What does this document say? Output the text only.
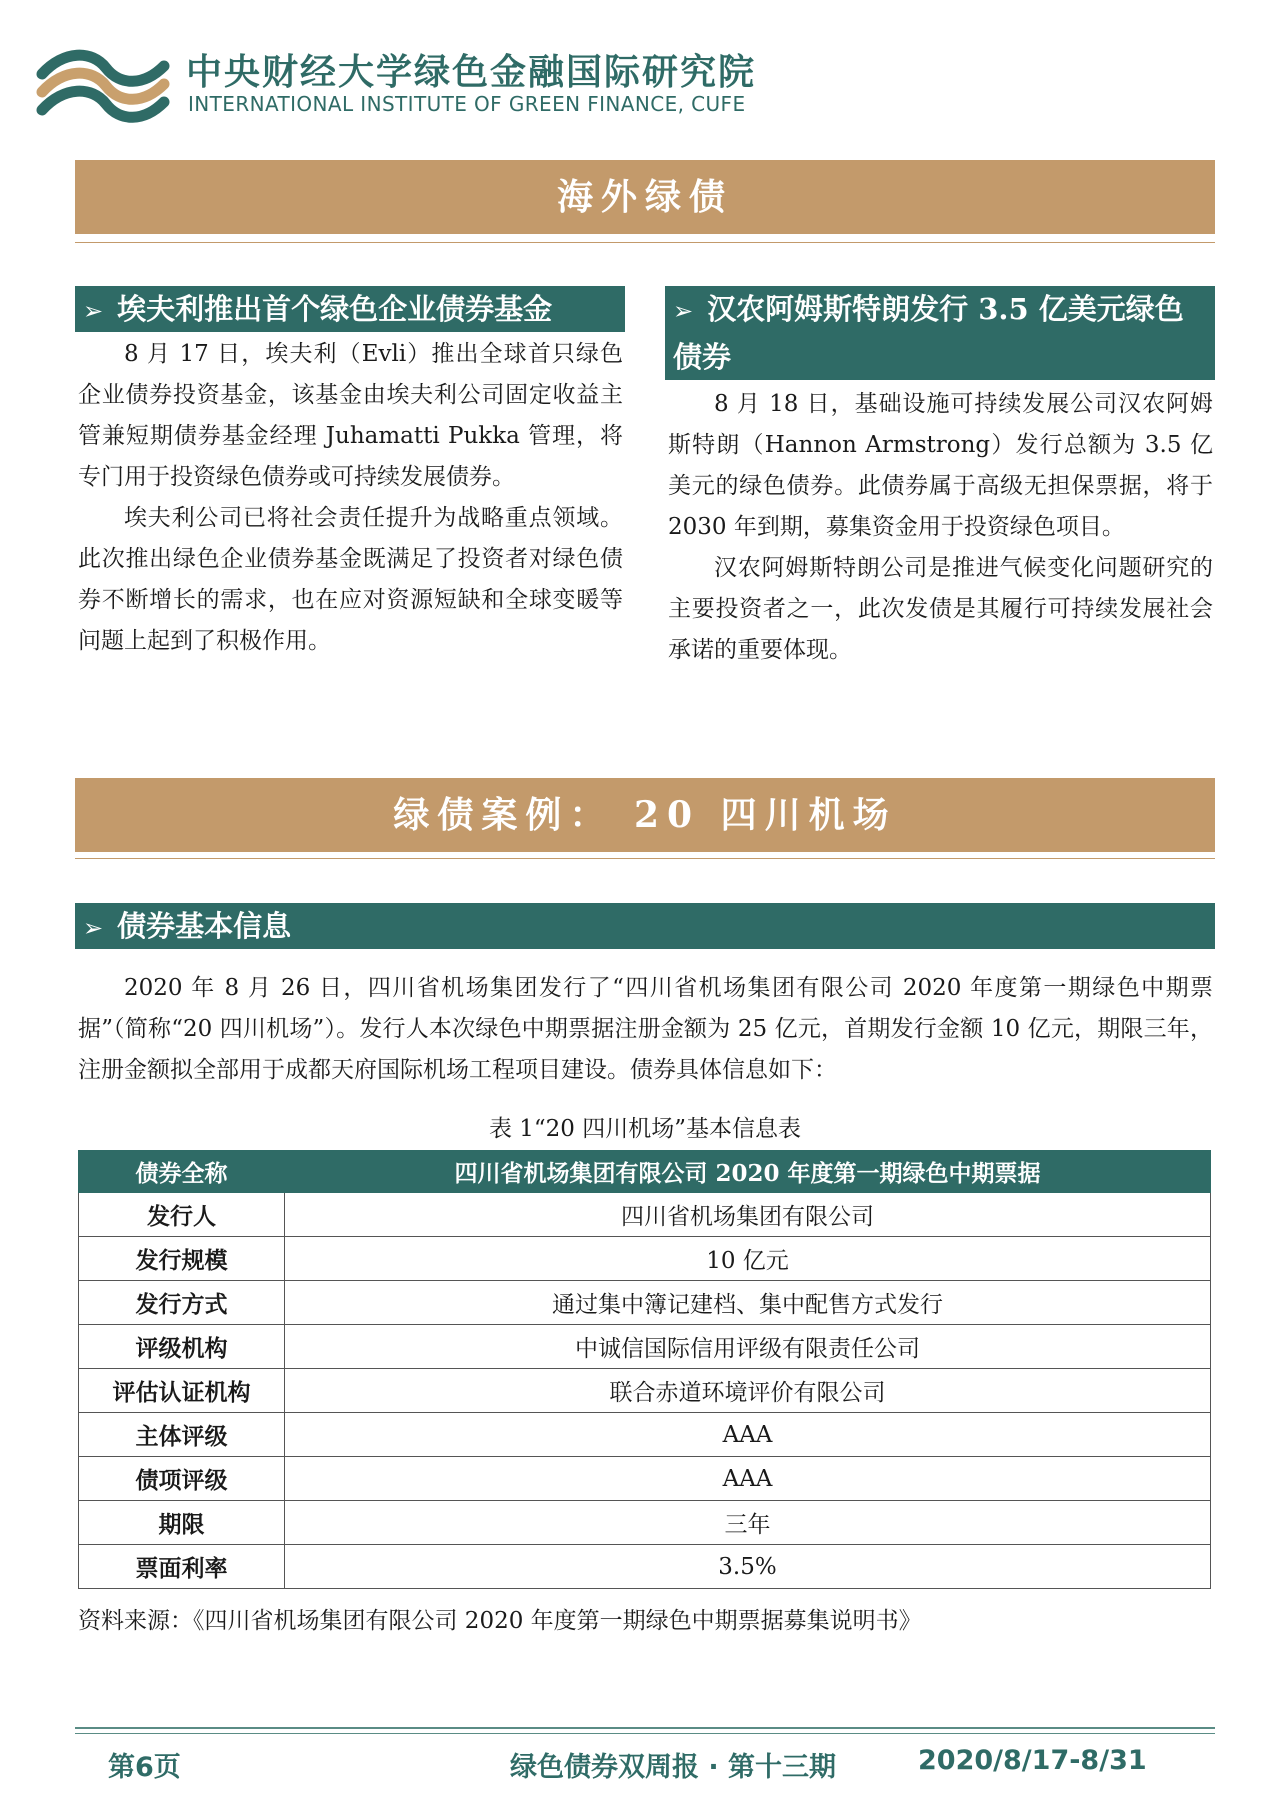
中央财经大学绿色金融国际研究院
INTERNATIONAL INSTITUTE OF GREEN FINANCE, CUFE
海外绿债
➢ 埃夫利推出首个绿色企业债券基金

8 月 17 日，埃夫利（Evli）推出全球首只绿色企业债券投资基金，该基金由埃夫利公司固定收益主管兼短期债券基金经理 Juhamatti Pukka 管理，将专门用于投资绿色债券或可持续发展债券。

埃夫利公司已将社会责任提升为战略重点领域。此次推出绿色企业债券基金既满足了投资者对绿色债券不断增长的需求，也在应对资源短缺和全球变暖等问题上起到了积极作用。

➢ 汉农阿姆斯特朗发行 3.5 亿美元绿色债券

8 月 18 日，基础设施可持续发展公司汉农阿姆斯特朗（Hannon Armstrong）发行总额为 3.5 亿美元的绿色债券。此债券属于高级无担保票据，将于 2030 年到期，募集资金用于投资绿色项目。

汉农阿姆斯特朗公司是推进气候变化问题研究的主要投资者之一，此次发债是其履行可持续发展社会承诺的重要体现。

绿债案例： 20 四川机场
➢ 债券基本信息

2020 年 8 月 26 日，四川省机场集团发行了“四川省机场集团有限公司 2020 年度第一期绿色中期票据”（简称“20 四川机场”）。发行人本次绿色中期票据注册金额为 25 亿元，首期发行金额 10 亿元，期限三年，注册金额拟全部用于成都天府国际机场工程项目建设。债券具体信息如下：

表 1“20 四川机场”基本信息表
债券全称	四川省机场集团有限公司 2020 年度第一期绿色中期票据
发行人	四川省机场集团有限公司
发行规模	10 亿元
发行方式	通过集中簿记建档、集中配售方式发行
评级机构	中诚信国际信用评级有限责任公司
评估认证机构	联合赤道环境评价有限公司
主体评级	AAA
债项评级	AAA
期限	三年
票面利率	3.5%
资料来源：《四川省机场集团有限公司 2020 年度第一期绿色中期票据募集说明书》
第6页	绿色债券双周报 · 第十三期	2020/8/17-8/31
